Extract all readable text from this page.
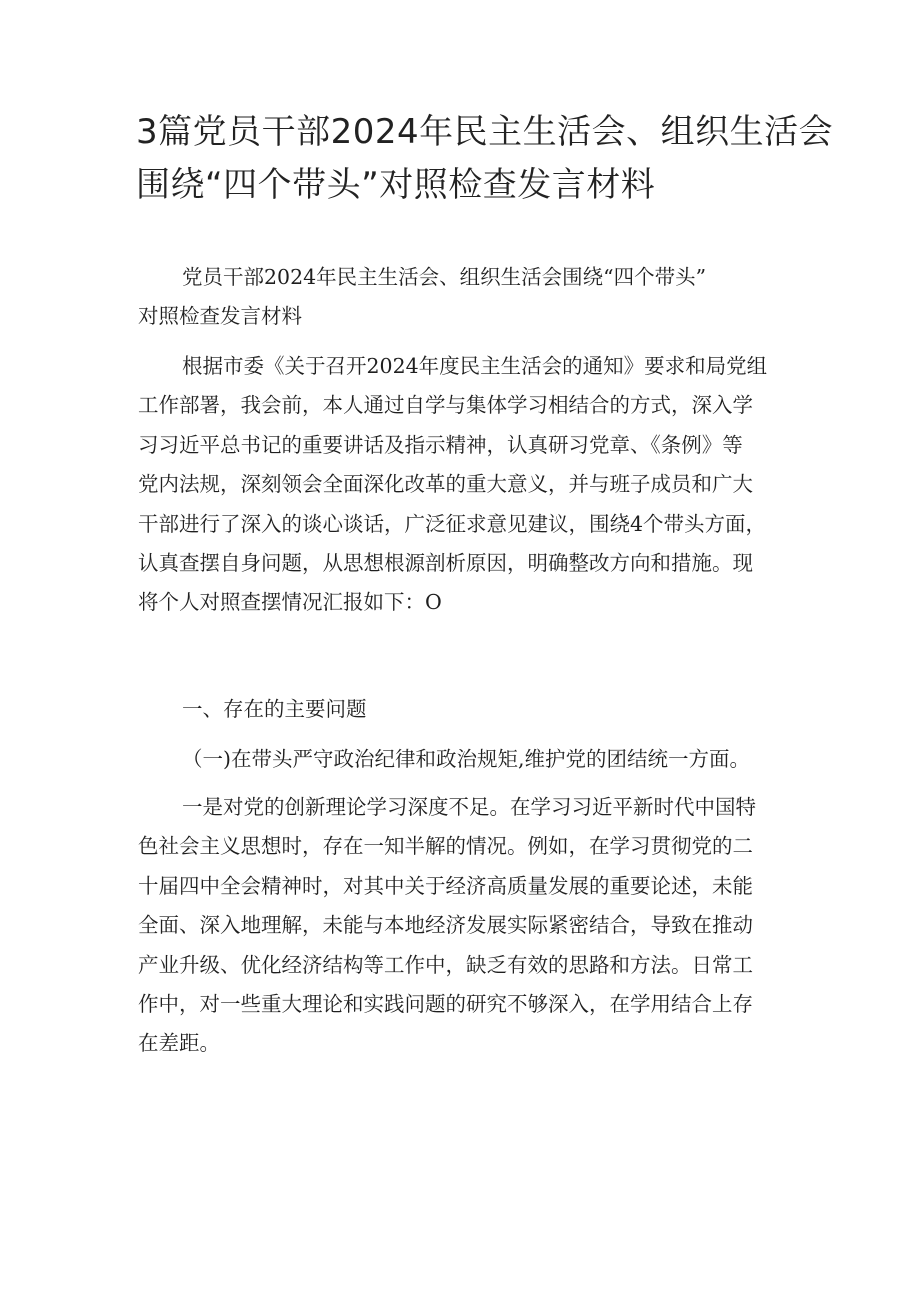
3篇党员干部2024年民主生活会、组织生活会
围绕“四个带头”对照检查发言材料

党员干部2024年民主生活会、组织生活会围绕“四个带头”
对照检查发言材料

根据市委《关于召开2024年度民主生活会的通知》要求和局党组
工作部署，我会前，本人通过自学与集体学习相结合的方式，深入学
习习近平总书记的重要讲话及指示精神，认真研习党章、《条例》等
党内法规，深刻领会全面深化改革的重大意义，并与班子成员和广大
干部进行了深入的谈心谈话，广泛征求意见建议，围绕4个带头方面，
认真查摆自身问题，从思想根源剖析原因，明确整改方向和措施。现
将个人对照查摆情况汇报如下：O

一、存在的主要问题

（一)在带头严守政治纪律和政治规矩,维护党的团结统一方面。

一是对党的创新理论学习深度不足。在学习习近平新时代中国特
色社会主义思想时，存在一知半解的情况。例如，在学习贯彻党的二
十届四中全会精神时，对其中关于经济高质量发展的重要论述，未能
全面、深入地理解，未能与本地经济发展实际紧密结合，导致在推动
产业升级、优化经济结构等工作中，缺乏有效的思路和方法。日常工
作中，对一些重大理论和实践问题的研究不够深入，在学用结合上存
在差距。
